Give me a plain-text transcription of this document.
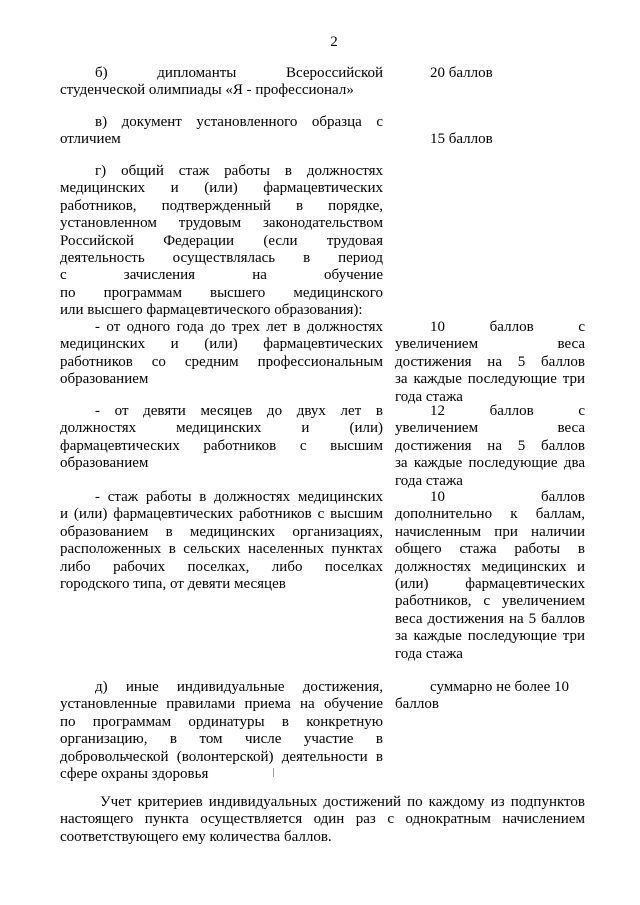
2
б) дипломанты Всероссийской
студенческой олимпиады «Я - профессионал»
20 баллов
в) документ установленного образца с
отличием	15 баллов
г) общий стаж работы в должностях
медицинских и (или) фармацевтических
работников, подтвержденный в порядке,
установленном трудовым законодательством
Российской Федерации (если трудовая
деятельность осуществлялась в период
с зачисления на обучение
по программам высшего медицинского
или высшего фармацевтического образования):
- от одного года до трех лет в должностях
медицинских и (или) фармацевтических
работников со средним профессиональным
образованием
10 баллов с
увеличением веса
достижения на 5 баллов
за каждые последующие три
года стажа
- от девяти месяцев до двух лет в
должностях медицинских и (или)
фармацевтических работников с высшим
образованием
12 баллов с
увеличением веса
достижения на 5 баллов
за каждые последующие два
года стажа
- стаж работы в должностях медицинских
и (или) фармацевтических работников с высшим
образованием в медицинских организациях,
расположенных в сельских населенных пунктах
либо рабочих поселках, либо поселках
городского типа, от девяти месяцев
10 баллов
дополнительно к баллам,
начисленным при наличии
общего стажа работы в
должностях медицинских и
(или) фармацевтических
работников, с увеличением
веса достижения на 5 баллов
за каждые последующие три
года стажа
д) иные индивидуальные достижения,
установленные правилами приема на обучение
по программам ординатуры в конкретную
организацию, в том числе участие в
добровольческой (волонтерской) деятельности в
сфере охраны здоровья
суммарно не более 10
баллов
Учет критериев индивидуальных достижений по каждому из подпунктов
настоящего пункта осуществляется один раз с однократным начислением
соответствующего ему количества баллов.
